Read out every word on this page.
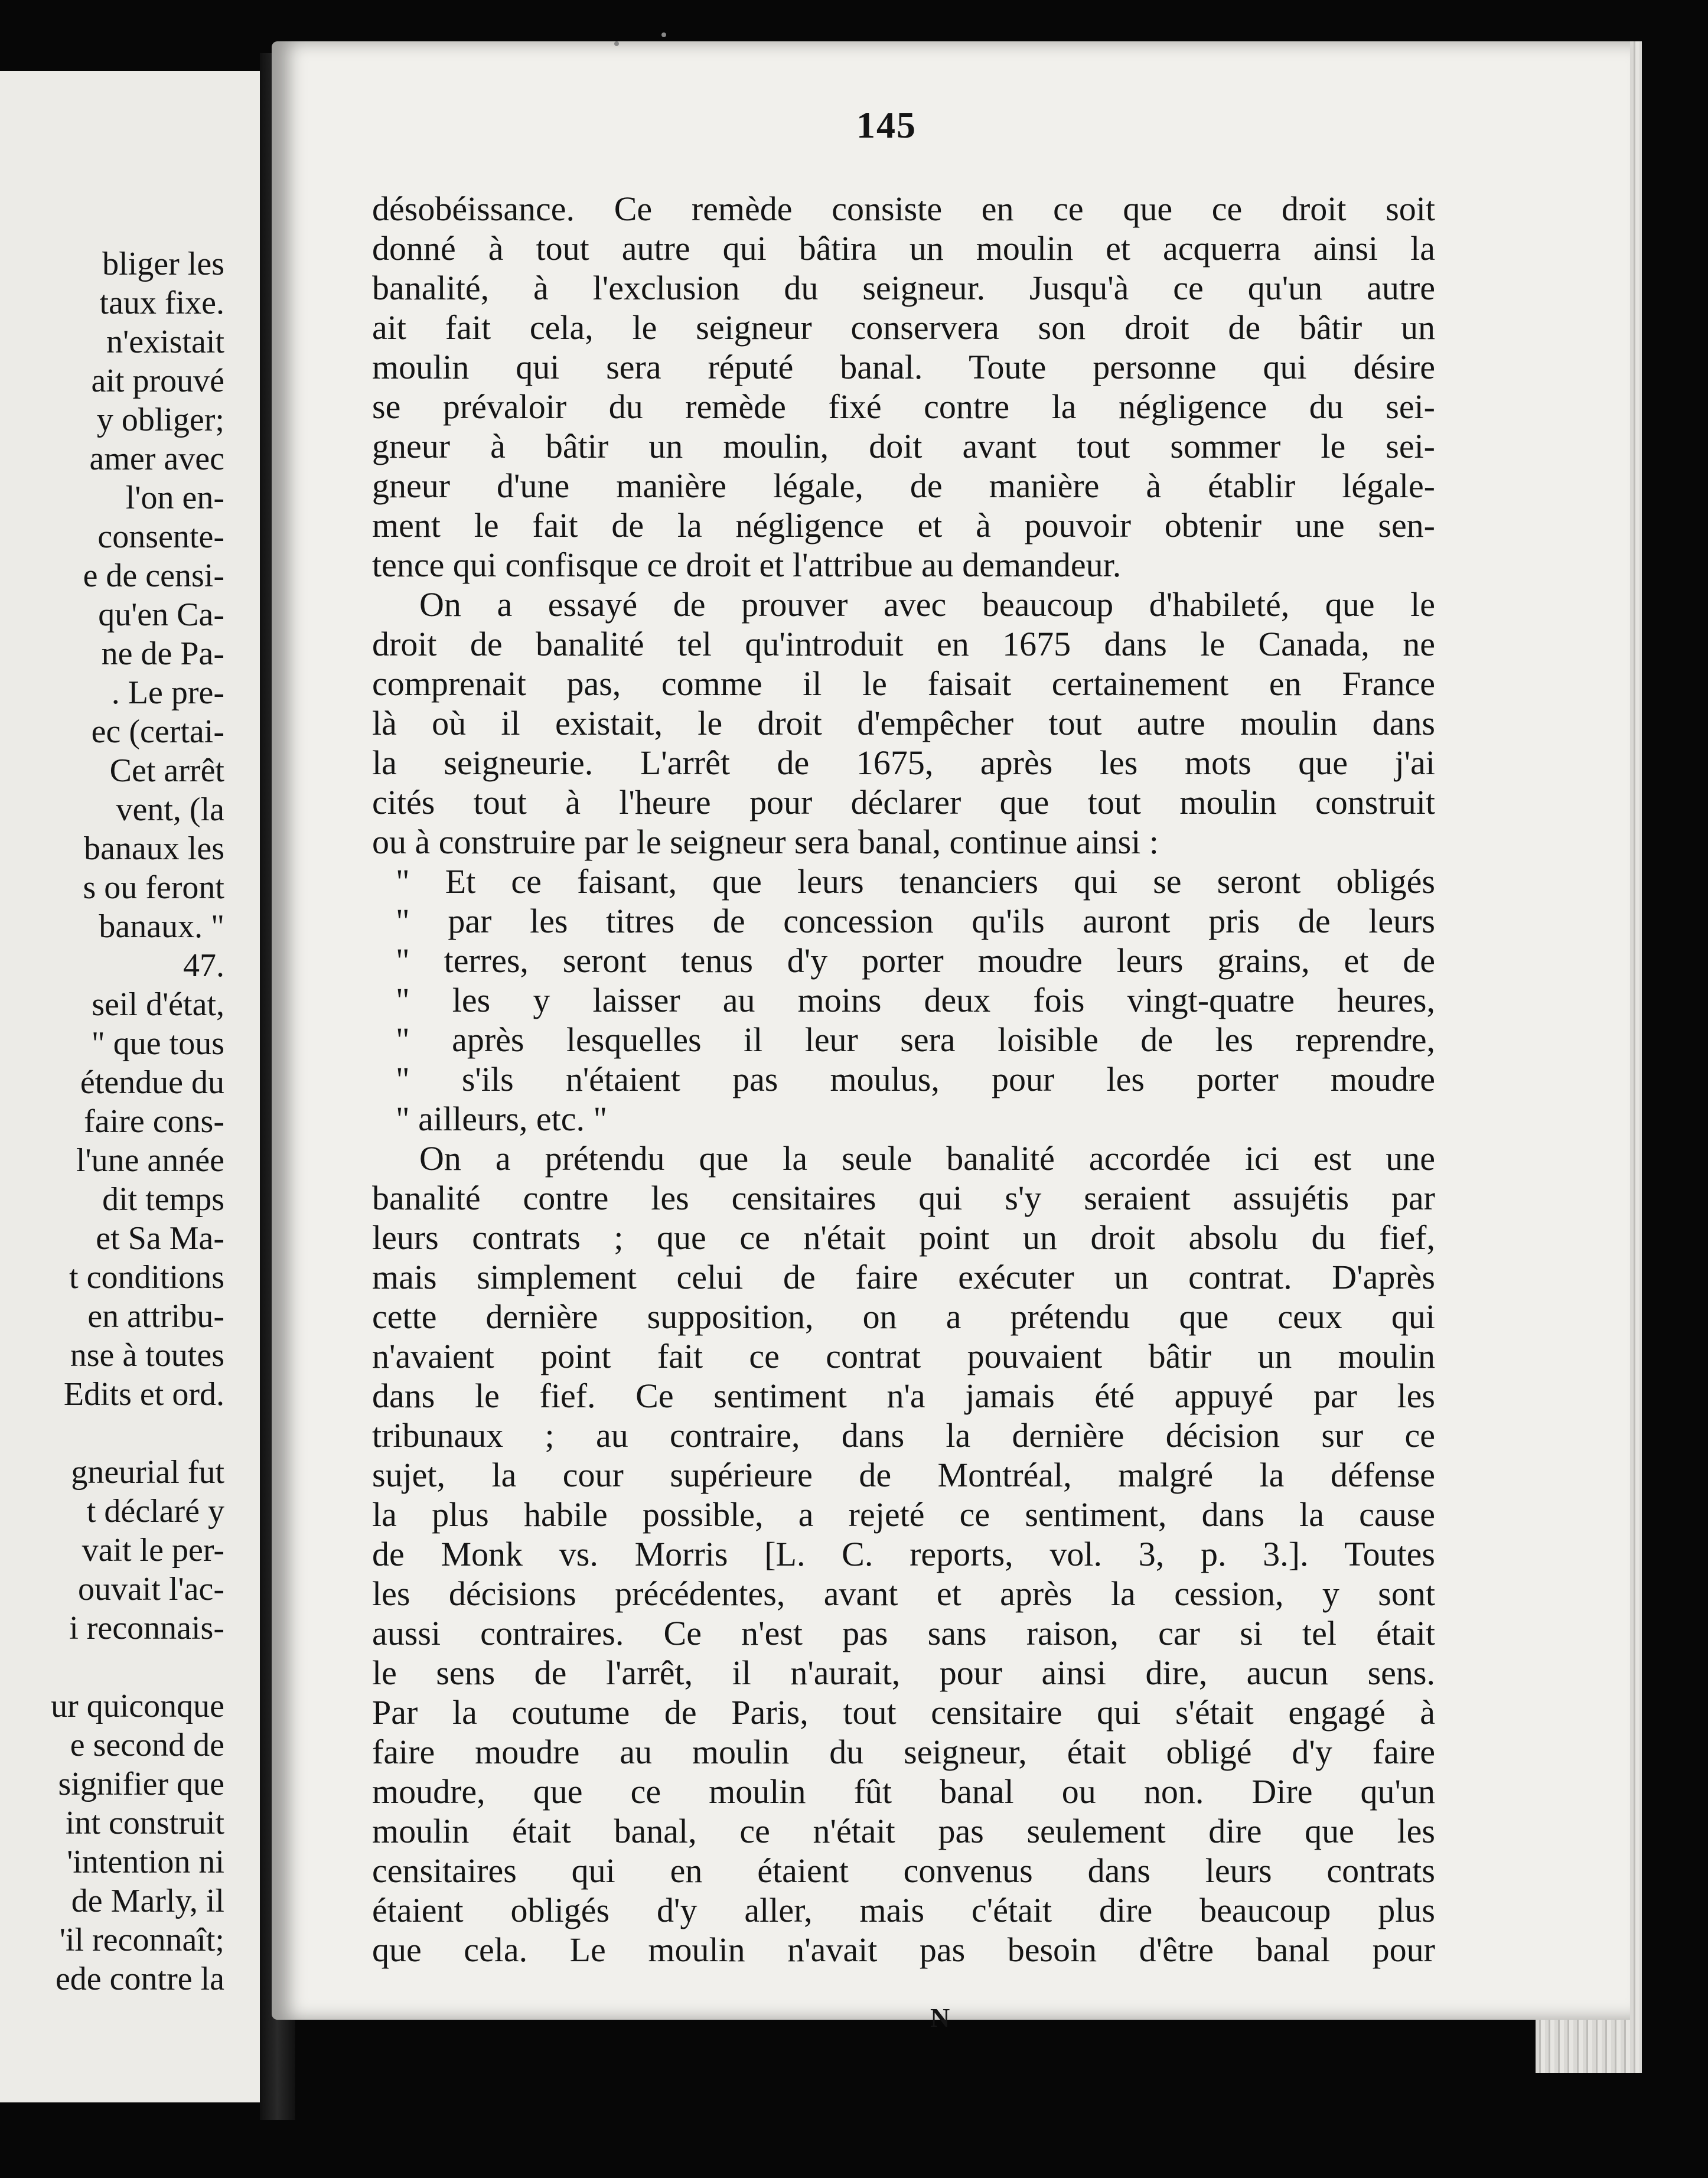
bliger les
taux fixe.
n'existait
ait prouvé
y obliger;
amer avec
l'on en-
consente-
e de censi-
qu'en Ca-
ne de Pa-
. Le pre-
ec (certai-
Cet arrêt
vent, (la
banaux les
s ou feront
banaux. "
47.
seil d'état,
" que tous
étendue du
faire cons-
l'une année
dit temps
et Sa Ma-
t conditions
en attribu-
nse à toutes
Edits et ord.
gneurial fut
t déclaré y
vait le per-
ouvait l'ac-
i reconnais-
ur quiconque
e second de
signifier que
int construit
'intention ni
de Marly, il
'il reconnaît;
ede contre la
145
désobéissance. Ce remède consiste en ce que ce droit soit
donné à tout autre qui bâtira un moulin et acquerra ainsi la
banalité, à l'exclusion du seigneur. Jusqu'à ce qu'un autre
ait fait cela, le seigneur conservera son droit de bâtir un
moulin qui sera réputé banal. Toute personne qui désire
se prévaloir du remède fixé contre la négligence du sei-
gneur à bâtir un moulin, doit avant tout sommer le sei-
gneur d'une manière légale, de manière à établir légale-
ment le fait de la négligence et à pouvoir obtenir une sen-
tence qui confisque ce droit et l'attribue au demandeur.
On a essayé de prouver avec beaucoup d'habileté, que le
droit de banalité tel qu'introduit en 1675 dans le Canada, ne
comprenait pas, comme il le faisait certainement en France
là où il existait, le droit d'empêcher tout autre moulin dans
la seigneurie. L'arrêt de 1675, après les mots que j'ai
cités tout à l'heure pour déclarer que tout moulin construit
ou à construire par le seigneur sera banal, continue ainsi :
" Et ce faisant, que leurs tenanciers qui se seront obligés
" par les titres de concession qu'ils auront pris de leurs
" terres, seront tenus d'y porter moudre leurs grains, et de
" les y laisser au moins deux fois vingt-quatre heures,
" après lesquelles il leur sera loisible de les reprendre,
" s'ils n'étaient pas moulus, pour les porter moudre
" ailleurs, etc. "
On a prétendu que la seule banalité accordée ici est une
banalité contre les censitaires qui s'y seraient assujétis par
leurs contrats ; que ce n'était point un droit absolu du fief,
mais simplement celui de faire exécuter un contrat. D'après
cette dernière supposition, on a prétendu que ceux qui
n'avaient point fait ce contrat pouvaient bâtir un moulin
dans le fief. Ce sentiment n'a jamais été appuyé par les
tribunaux ; au contraire, dans la dernière décision sur ce
sujet, la cour supérieure de Montréal, malgré la défense
la plus habile possible, a rejeté ce sentiment, dans la cause
de Monk vs. Morris [L. C. reports, vol. 3, p. 3.]. Toutes
les décisions précédentes, avant et après la cession, y sont
aussi contraires. Ce n'est pas sans raison, car si tel était
le sens de l'arrêt, il n'aurait, pour ainsi dire, aucun sens.
Par la coutume de Paris, tout censitaire qui s'était engagé à
faire moudre au moulin du seigneur, était obligé d'y faire
moudre, que ce moulin fût banal ou non. Dire qu'un
moulin était banal, ce n'était pas seulement dire que les
censitaires qui en étaient convenus dans leurs contrats
étaient obligés d'y aller, mais c'était dire beaucoup plus
que cela. Le moulin n'avait pas besoin d'être banal pour
N
